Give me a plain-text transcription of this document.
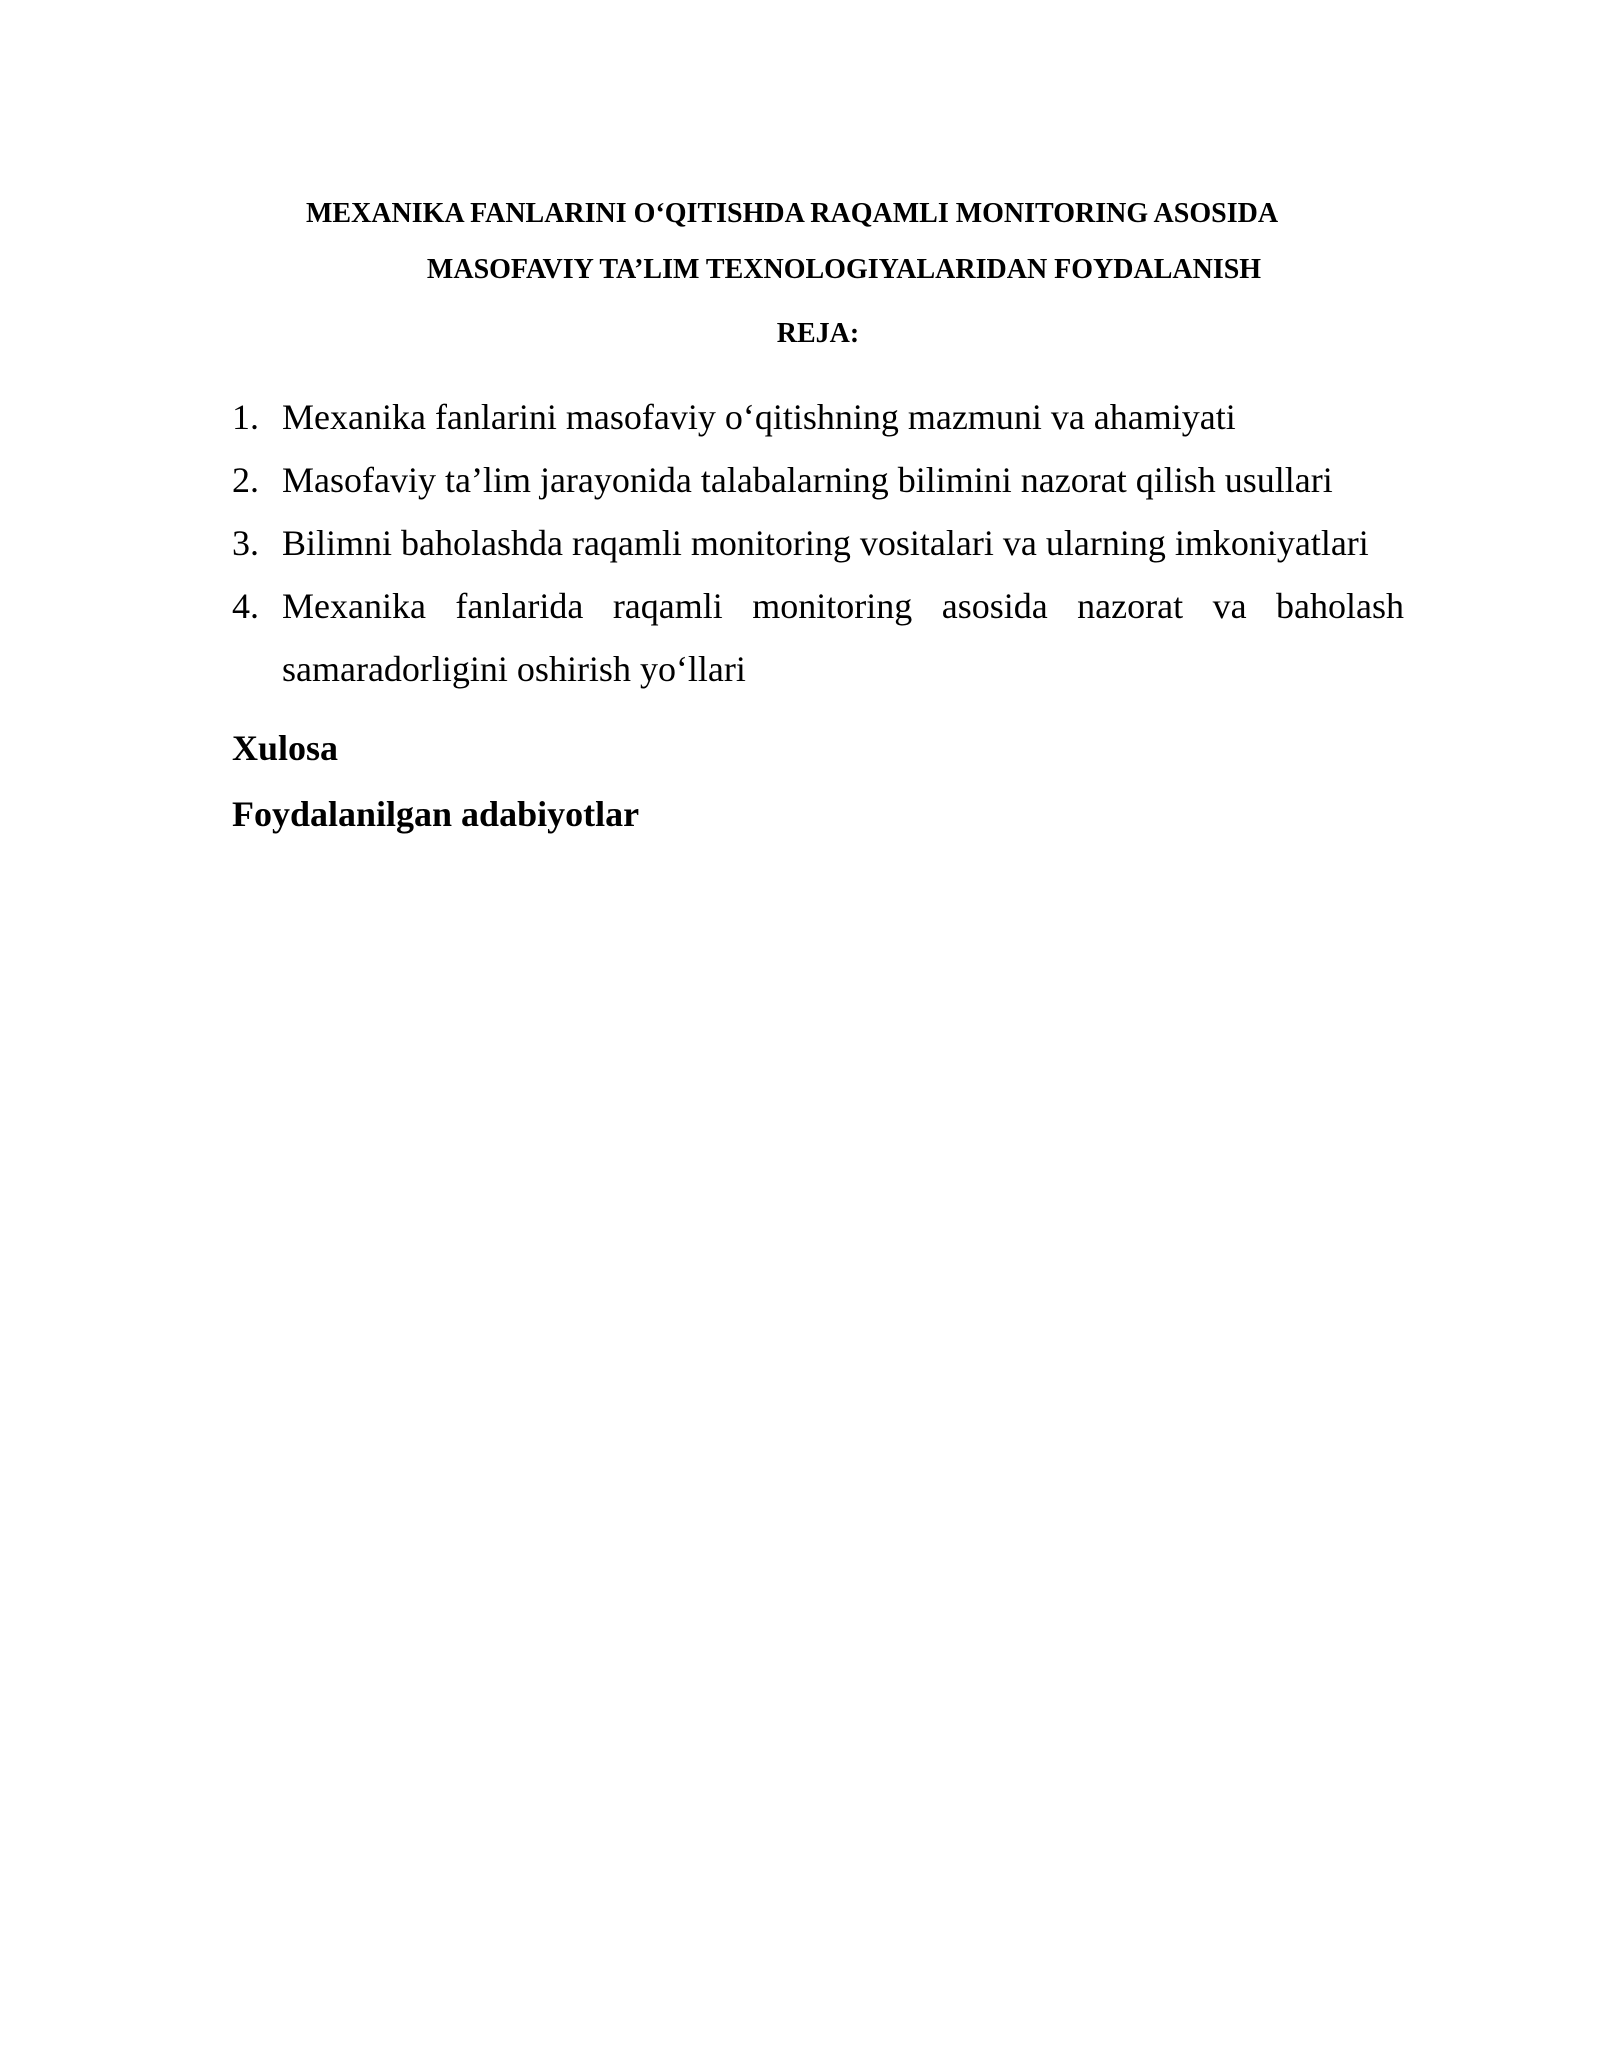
MEXANIKA FANLARINI O‘QITISHDA RAQAMLI MONITORING ASOSIDA
MASOFAVIY TA’LIM TEXNOLOGIYALARIDAN FOYDALANISH
REJA:
1. Mexanika fanlarini masofaviy o‘qitishning mazmuni va ahamiyati
2. Masofaviy ta’lim jarayonida talabalarning bilimini nazorat qilish usullari
3. Bilimni baholashda raqamli monitoring vositalari va ularning imkoniyatlari
4. Mexanika fanlarida raqamli monitoring asosida nazorat va baholash
samaradorligini oshirish yo‘llari
Xulosa
Foydalanilgan adabiyotlar
